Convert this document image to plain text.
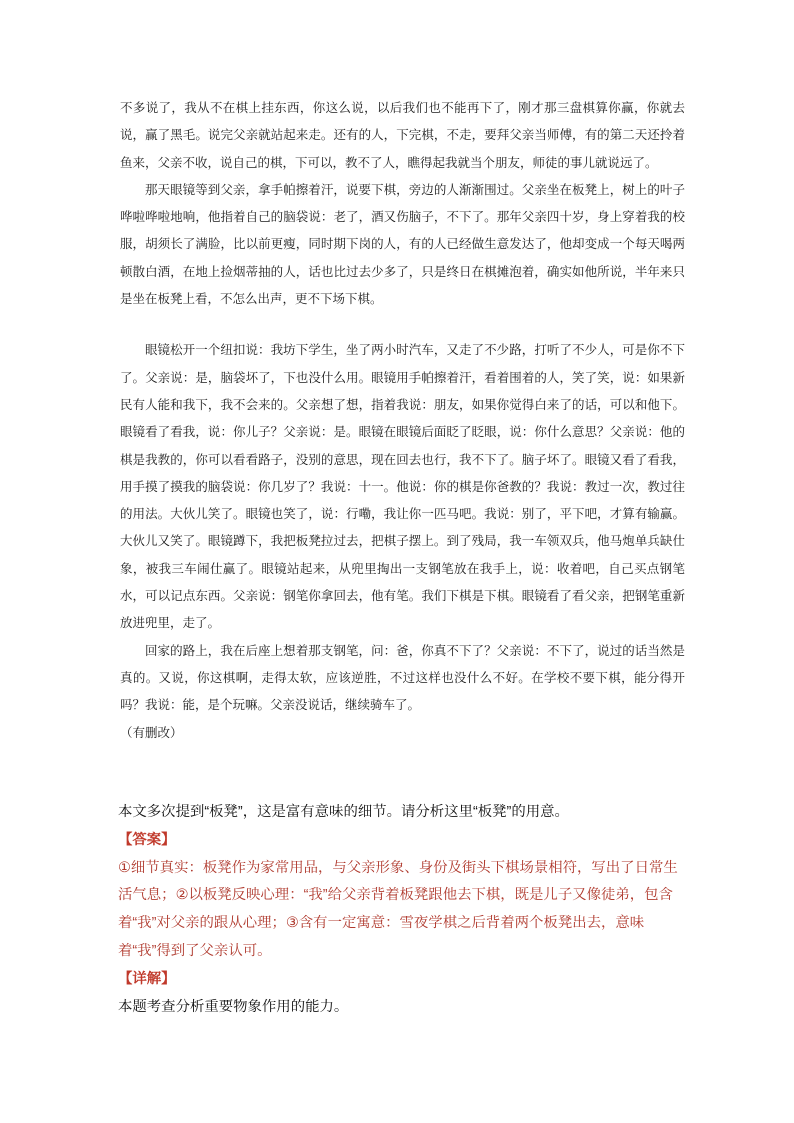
不多说了，我从不在棋上挂东西，你这么说，以后我们也不能再下了，刚才那三盘棋算你赢，你就去说，赢了黑毛。说完父亲就站起来走。还有的人，下完棋，不走，要拜父亲当师傅，有的第二天还拎着鱼来，父亲不收，说自己的棋，下可以，教不了人，瞧得起我就当个朋友，师徒的事儿就说远了。

那天眼镜等到父亲，拿手帕擦着汗，说要下棋，旁边的人渐渐围过。父亲坐在板凳上，树上的叶子哗啦哗啦地响，他指着自己的脑袋说：老了，酒又伤脑子，不下了。那年父亲四十岁，身上穿着我的校服，胡须长了满脸，比以前更瘦，同时期下岗的人，有的人已经做生意发达了，他却变成一个每天喝两顿散白酒，在地上捡烟蒂抽的人，话也比过去少多了，只是终日在棋摊泡着，确实如他所说，半年来只是坐在板凳上看，不怎么出声，更不下场下棋。

眼镜松开一个纽扣说：我坊下学生，坐了两小时汽车，又走了不少路，打听了不少人，可是你不下了。父亲说：是，脑袋坏了，下也没什么用。眼镜用手帕擦着汗，看着围着的人，笑了笑，说：如果新民有人能和我下，我不会来的。父亲想了想，指着我说：朋友，如果你觉得白来了的话，可以和他下。眼镜看了看我，说：你儿子？父亲说：是。眼镜在眼镜后面眨了眨眼，说：你什么意思？父亲说：他的棋是我教的，你可以看看路子，没别的意思，现在回去也行，我不下了。脑子坏了。眼镜又看了看我，用手摸了摸我的脑袋说：你几岁了？我说：十一。他说：你的棋是你爸教的？我说：教过一次，教过往的用法。大伙儿笑了。眼镜也笑了，说：行嘞，我让你一匹马吧。我说：别了，平下吧，才算有输赢。大伙儿又笑了。眼镜蹲下，我把板凳拉过去，把棋子摆上。到了残局，我一车领双兵，他马炮单兵缺仕象，被我三车闹仕赢了。眼镜站起来，从兜里掏出一支钢笔放在我手上，说：收着吧，自己买点钢笔水，可以记点东西。父亲说：钢笔你拿回去，他有笔。我们下棋是下棋。眼镜看了看父亲，把钢笔重新放进兜里，走了。

回家的路上，我在后座上想着那支钢笔，问：爸，你真不下了？父亲说：不下了，说过的话当然是真的。又说，你这棋啊，走得太软，应该逆胜，不过这样也没什么不好。在学校不要下棋，能分得开吗？我说：能，是个玩嘛。父亲没说话，继续骑车了。

（有删改）

本文多次提到“板凳”，这是富有意味的细节。请分析这里“板凳”的用意。

【答案】

①细节真实：板凳作为家常用品，与父亲形象、身份及街头下棋场景相符，写出了日常生活气息；②以板凳反映心理：“我”给父亲背着板凳跟他去下棋，既是儿子又像徒弟，包含着“我”对父亲的跟从心理；③含有一定寓意：雪夜学棋之后背着两个板凳出去，意味着“我”得到了父亲认可。

【详解】

本题考查分析重要物象作用的能力。
